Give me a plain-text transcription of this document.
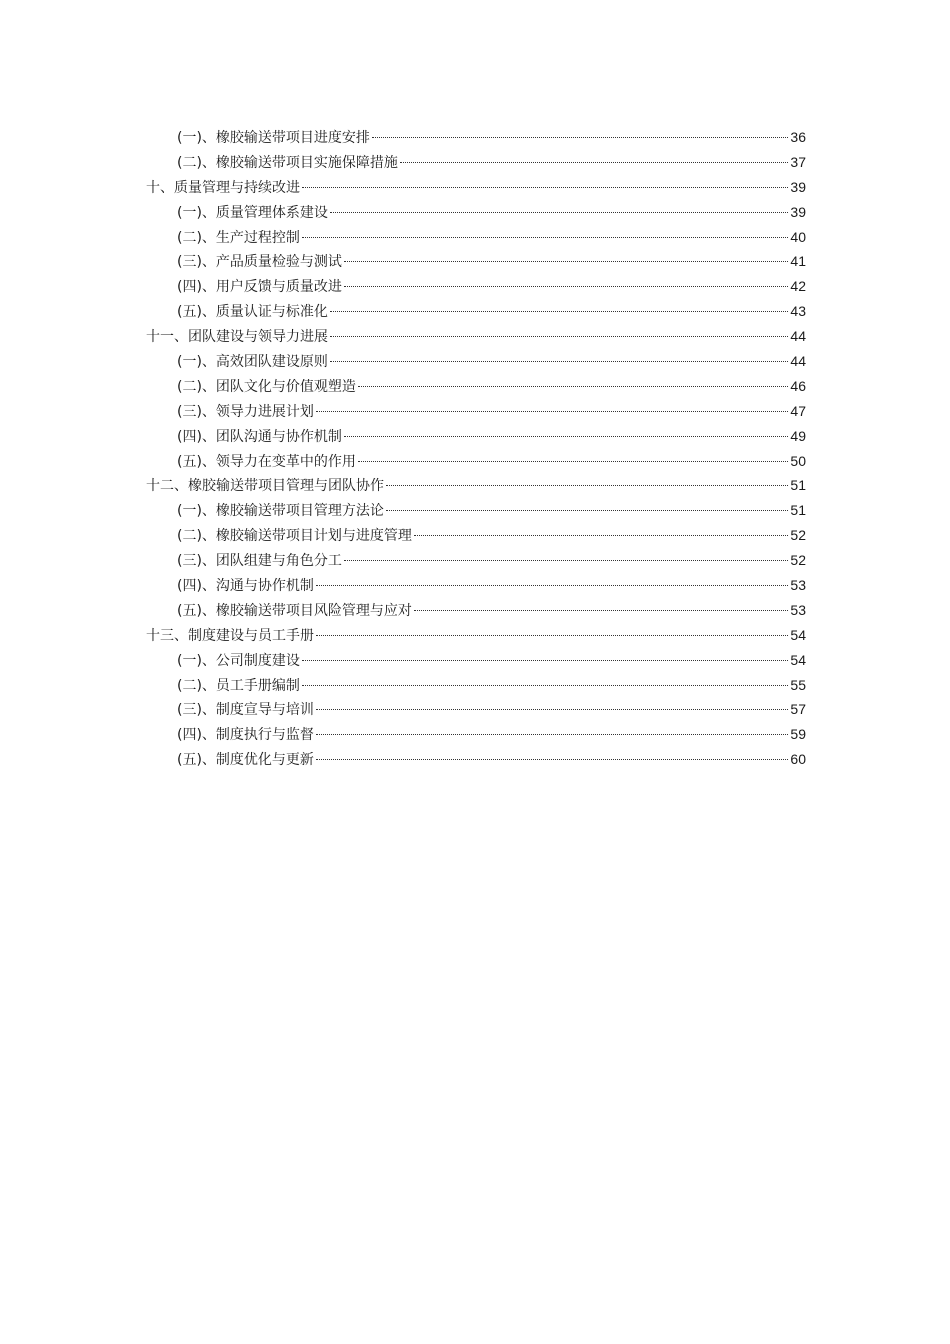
(一)、橡胶输送带项目进度安排	36
(二)、橡胶输送带项目实施保障措施	37
十、质量管理与持续改进	39
(一)、质量管理体系建设	39
(二)、生产过程控制	40
(三)、产品质量检验与测试	41
(四)、用户反馈与质量改进	42
(五)、质量认证与标准化	43
十一、团队建设与领导力进展	44
(一)、高效团队建设原则	44
(二)、团队文化与价值观塑造	46
(三)、领导力进展计划	47
(四)、团队沟通与协作机制	49
(五)、领导力在变革中的作用	50
十二、橡胶输送带项目管理与团队协作	51
(一)、橡胶输送带项目管理方法论	51
(二)、橡胶输送带项目计划与进度管理	52
(三)、团队组建与角色分工	52
(四)、沟通与协作机制	53
(五)、橡胶输送带项目风险管理与应对	53
十三、制度建设与员工手册	54
(一)、公司制度建设	54
(二)、员工手册编制	55
(三)、制度宣导与培训	57
(四)、制度执行与监督	59
(五)、制度优化与更新	60
